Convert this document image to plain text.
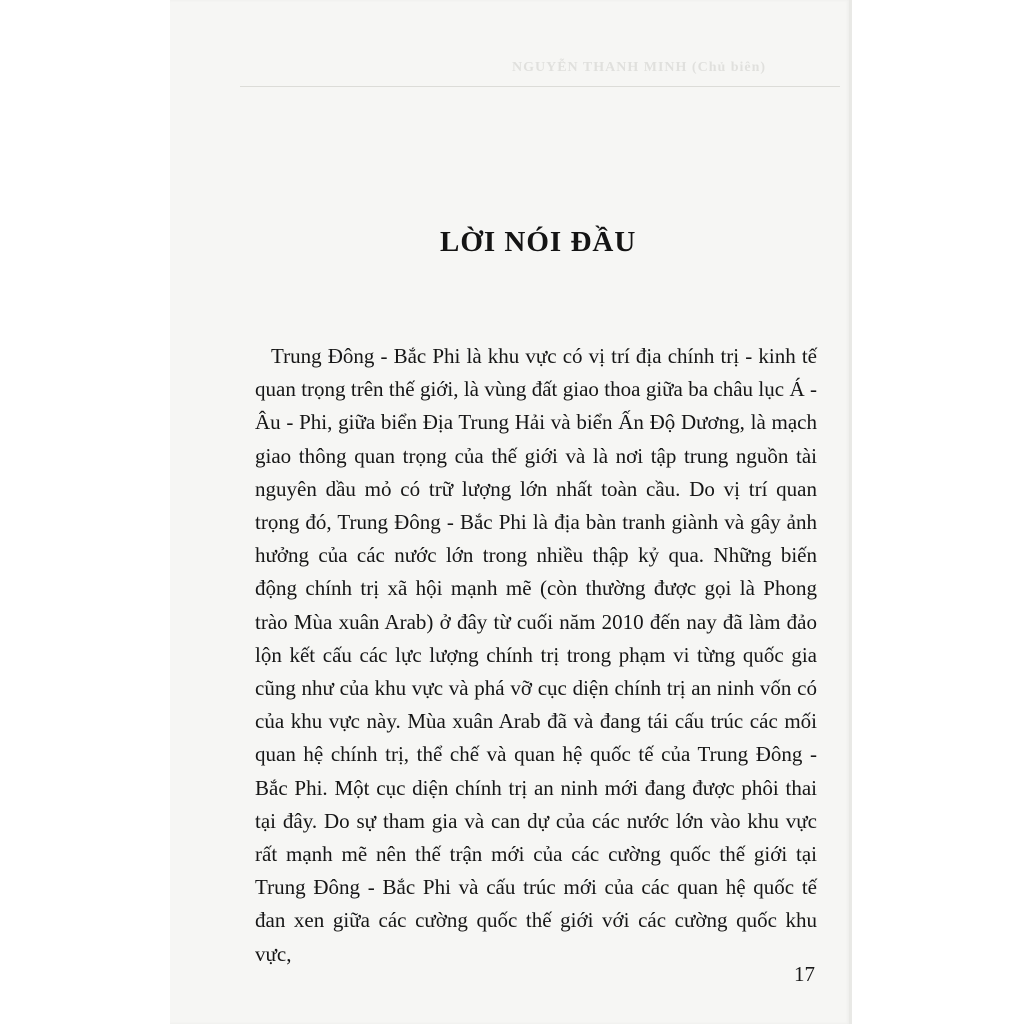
NGUYỄN THANH MINH (Chủ biên)
LỜI NÓI ĐẦU

Trung Đông - Bắc Phi là khu vực có vị trí địa chính trị - kinh tế quan trọng trên thế giới, là vùng đất giao thoa giữa ba châu lục Á - Âu - Phi, giữa biển Địa Trung Hải và biển Ấn Độ Dương, là mạch giao thông quan trọng của thế giới và là nơi tập trung nguồn tài nguyên dầu mỏ có trữ lượng lớn nhất toàn cầu. Do vị trí quan trọng đó, Trung Đông - Bắc Phi là địa bàn tranh giành và gây ảnh hưởng của các nước lớn trong nhiều thập kỷ qua. Những biến động chính trị xã hội mạnh mẽ (còn thường được gọi là Phong trào Mùa xuân Arab) ở đây từ cuối năm 2010 đến nay đã làm đảo lộn kết cấu các lực lượng chính trị trong phạm vi từng quốc gia cũng như của khu vực và phá vỡ cục diện chính trị an ninh vốn có của khu vực này. Mùa xuân Arab đã và đang tái cấu trúc các mối quan hệ chính trị, thể chế và quan hệ quốc tế của Trung Đông - Bắc Phi. Một cục diện chính trị an ninh mới đang được phôi thai tại đây. Do sự tham gia và can dự của các nước lớn vào khu vực rất mạnh mẽ nên thế trận mới của các cường quốc thế giới tại Trung Đông - Bắc Phi và cấu trúc mới của các quan hệ quốc tế đan xen giữa các cường quốc thế giới với các cường quốc khu vực,

17
